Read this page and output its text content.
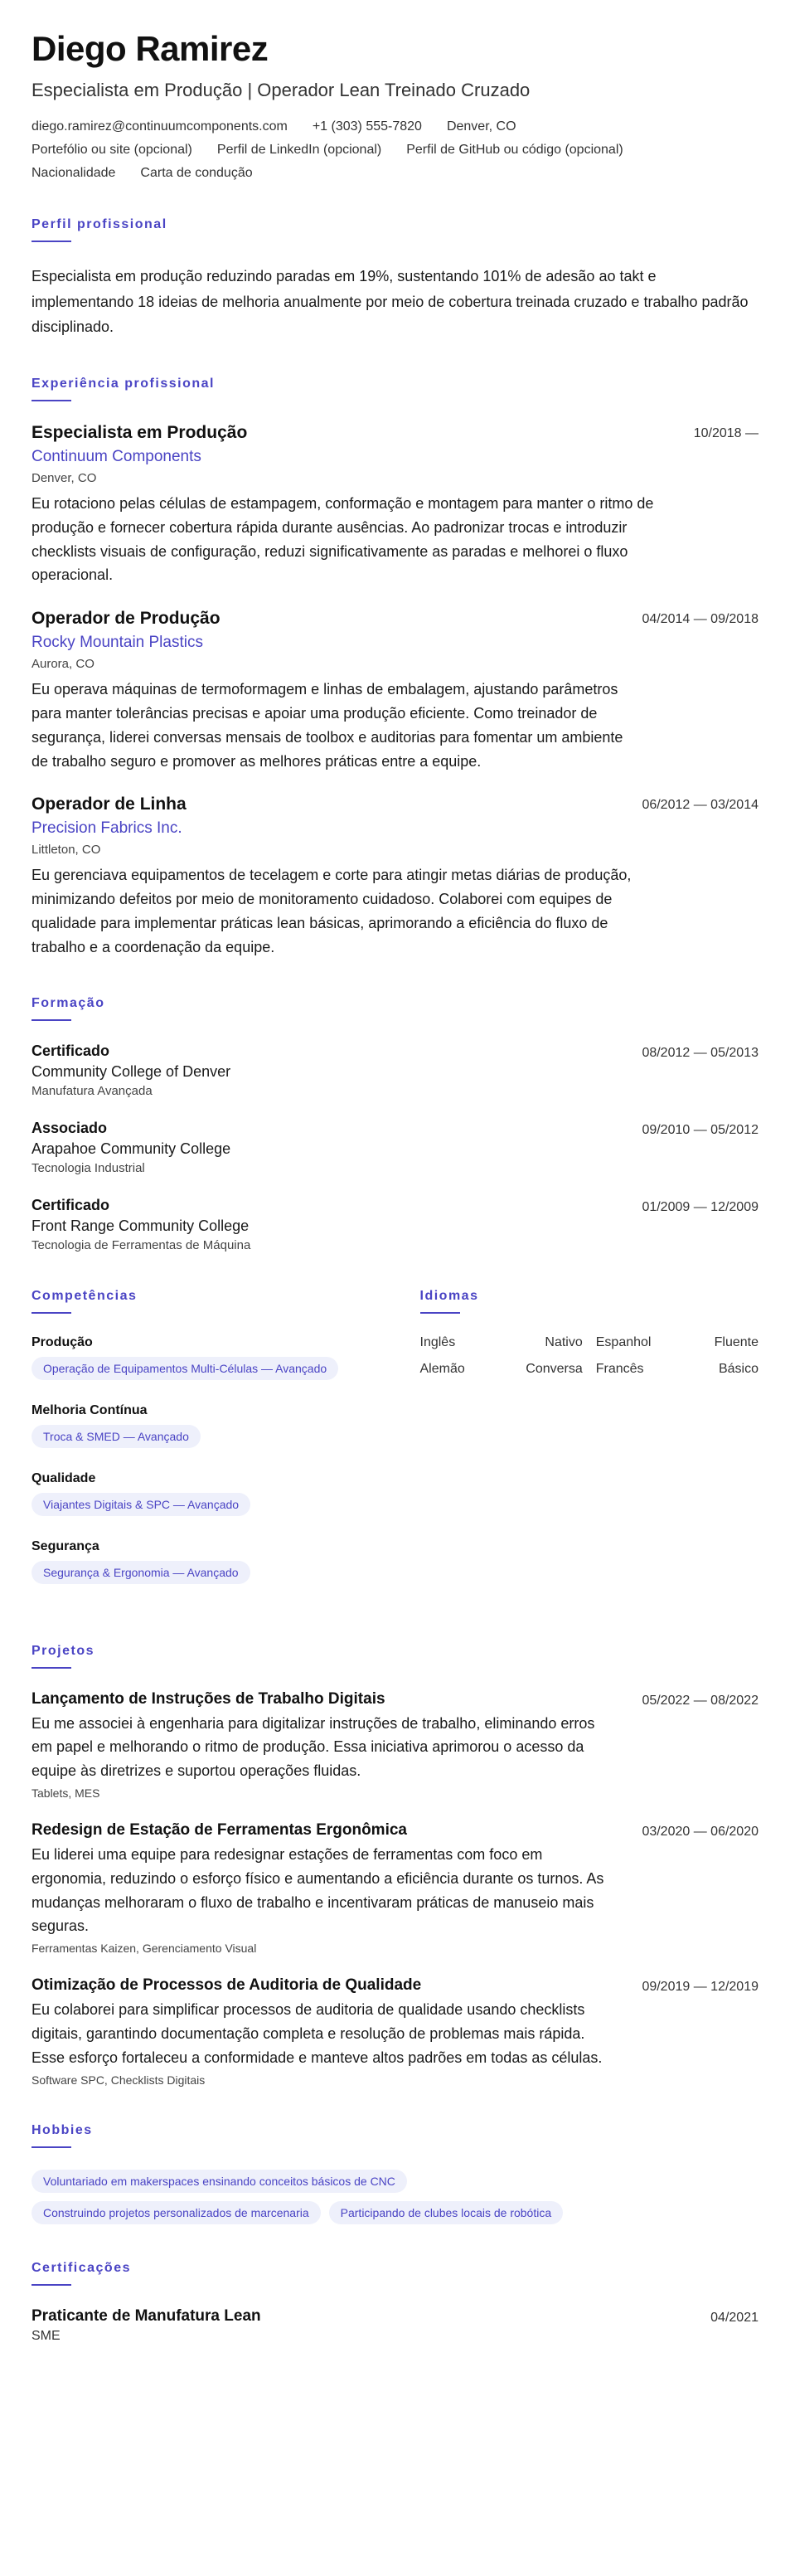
Diego Ramirez
Especialista em Produção | Operador Lean Treinado Cruzado
diego.ramirez@continuumcomponents.com +1 (303) 555-7820 Denver, CO
Portefólio ou site (opcional) Perfil de LinkedIn (opcional) Perfil de GitHub ou código (opcional)
Nacionalidade Carta de condução
Perfil profissional

Especialista em produção reduzindo paradas em 19%, sustentando 101% de adesão ao takt e implementando 18 ideias de melhoria anualmente por meio de cobertura treinada cruzado e trabalho padrão disciplinado.

Experiência profissional
Especialista em Produção
Continuum Components
Denver, CO

Eu rotaciono pelas células de estampagem, conformação e montagem para manter o ritmo de produção e fornecer cobertura rápida durante ausências. Ao padronizar trocas e introduzir checklists visuais de configuração, reduzi significativamente as paradas e melhorei o fluxo operacional.

10/2018 —
Operador de Produção
Rocky Mountain Plastics
Aurora, CO

Eu operava máquinas de termoformagem e linhas de embalagem, ajustando parâmetros para manter tolerâncias precisas e apoiar uma produção eficiente. Como treinador de segurança, liderei conversas mensais de toolbox e auditorias para fomentar um ambiente de trabalho seguro e promover as melhores práticas entre a equipe.

04/2014 — 09/2018
Operador de Linha
Precision Fabrics Inc.
Littleton, CO

Eu gerenciava equipamentos de tecelagem e corte para atingir metas diárias de produção, minimizando defeitos por meio de monitoramento cuidadoso. Colaborei com equipes de qualidade para implementar práticas lean básicas, aprimorando a eficiência do fluxo de trabalho e a coordenação da equipe.

06/2012 — 03/2014
Formação
Certificado
Community College of Denver
Manufatura Avançada
08/2012 — 05/2013
Associado
Arapahoe Community College
Tecnologia Industrial
09/2010 — 05/2012
Certificado
Front Range Community College
Tecnologia de Ferramentas de Máquina
01/2009 — 12/2009
Competências
Produção
Operação de Equipamentos Multi-Células — Avançado
Melhoria Contínua
Troca & SMED — Avançado
Qualidade
Viajantes Digitais & SPC — Avançado
Segurança
Segurança & Ergonomia — Avançado
Idiomas
Inglês	Nativo Espanhol	Fluente
Alemão	Conversa Francês	Básico
Projetos
Lançamento de Instruções de Trabalho Digitais

Eu me associei à engenharia para digitalizar instruções de trabalho, eliminando erros em papel e melhorando o ritmo de produção. Essa iniciativa aprimorou o acesso da equipe às diretrizes e suportou operações fluidas.

Tablets, MES
05/2022 — 08/2022
Redesign de Estação de Ferramentas Ergonômica

Eu liderei uma equipe para redesignar estações de ferramentas com foco em ergonomia, reduzindo o esforço físico e aumentando a eficiência durante os turnos. As mudanças melhoraram o fluxo de trabalho e incentivaram práticas de manuseio mais seguras.

Ferramentas Kaizen, Gerenciamento Visual
03/2020 — 06/2020
Otimização de Processos de Auditoria de Qualidade

Eu colaborei para simplificar processos de auditoria de qualidade usando checklists digitais, garantindo documentação completa e resolução de problemas mais rápida. Esse esforço fortaleceu a conformidade e manteve altos padrões em todas as células.

Software SPC, Checklists Digitais
09/2019 — 12/2019
Hobbies
Voluntariado em makerspaces ensinando conceitos básicos de CNC
Construindo projetos personalizados de marcenaria	Participando de clubes locais de robótica
Certificações
Praticante de Manufatura Lean
SME
04/2021
